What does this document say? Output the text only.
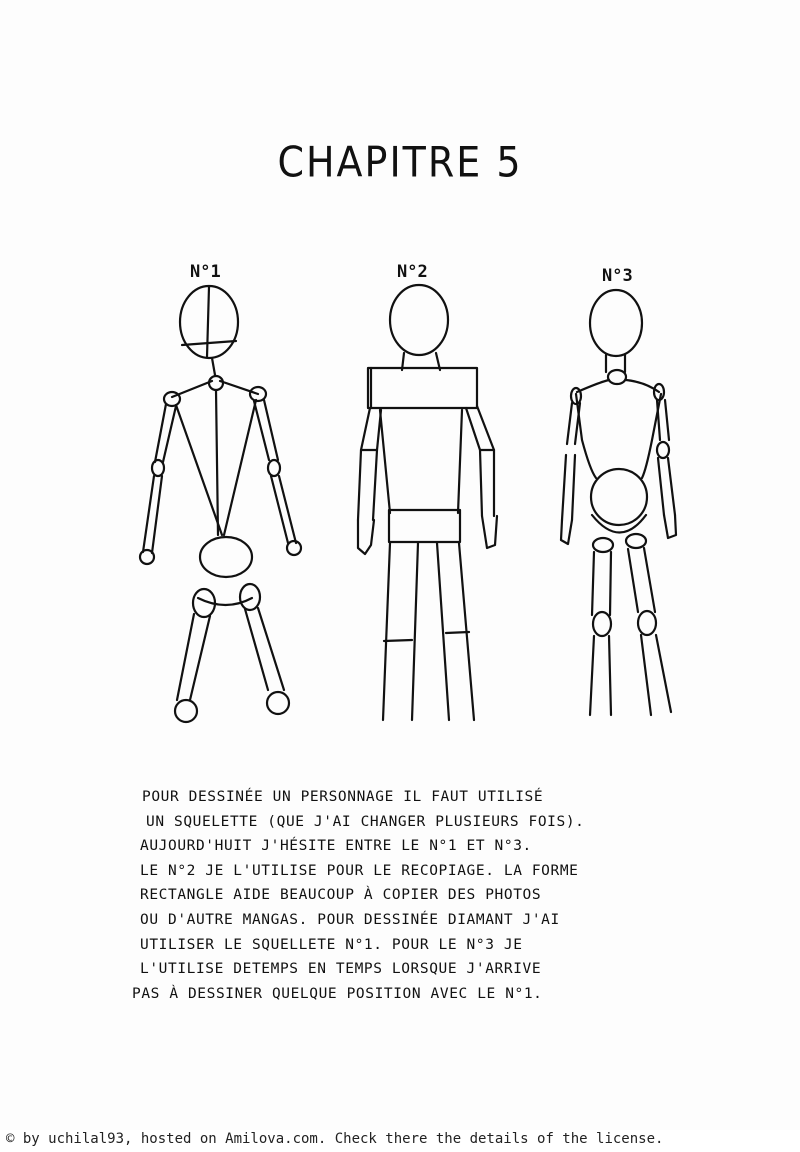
CHAPITRE 5
N°1	N°2	N°3
POUR DESSINÉE UN PERSONNAGE IL FAUT UTILISÉ
UN SQUELETTE (QUE J'AI CHANGER PLUSIEURS FOIS).
AUJOURD'HUIT J'HÉSITE ENTRE LE N°1 ET N°3.
LE N°2 JE L'UTILISE POUR LE RECOPIAGE. LA FORME
RECTANGLE AIDE BEAUCOUP À COPIER DES PHOTOS
OU D'AUTRE MANGAS. POUR DESSINÉE DIAMANT J'AI
UTILISER LE SQUELLETE N°1. POUR LE N°3 JE
L'UTILISE DETEMPS EN TEMPS LORSQUE J'ARRIVE
PAS À DESSINER QUELQUE POSITION AVEC LE N°1.
© by uchilal93, hosted on Amilova.com. Check there the details of the license.
